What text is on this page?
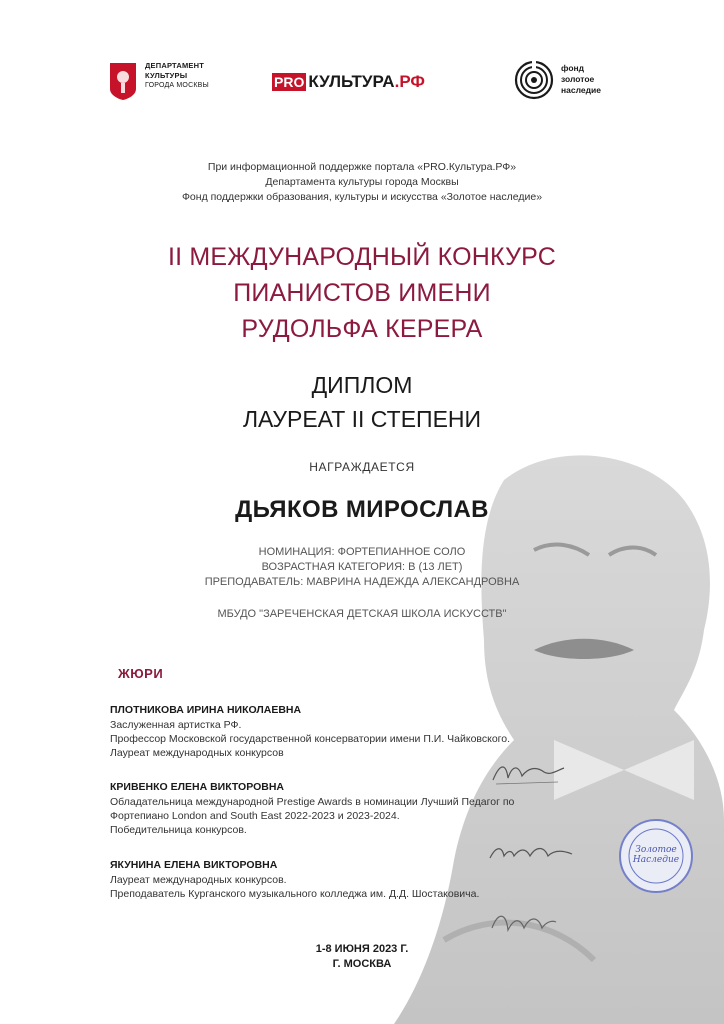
ДЕПАРТАМЕНТ
КУЛЬТУРЫ
ГОРОДА МОСКВЫ	PRO КУЛЬТУРА .РФ
фонд
золотое
наследие
При информационной поддержке портала «PRO.Культура.РФ»
Департамента культуры города Москвы
Фонд поддержки образования, культуры и искусства «Золотое наследие»
II МЕЖДУНАРОДНЫЙ КОНКУРС
ПИАНИСТОВ ИМЕНИ
РУДОЛЬФА КЕРЕРА
ДИПЛОМ
ЛАУРЕАТ II СТЕПЕНИ
НАГРАЖДАЕТСЯ
ДЬЯКОВ МИРОСЛАВ
НОМИНАЦИЯ: ФОРТЕПИАННОЕ СОЛО
ВОЗРАСТНАЯ КАТЕГОРИЯ: B (13 ЛЕТ)
ПРЕПОДАВАТЕЛЬ: МАВРИНА НАДЕЖДА АЛЕКСАНДРОВНА
МБУДО "ЗАРЕЧЕНСКАЯ ДЕТСКАЯ ШКОЛА ИСКУССТВ"
ЖЮРИ
ПЛОТНИКОВА ИРИНА НИКОЛАЕВНА
Заслуженная артистка РФ.
Профессор Московской государственной консерватории имени П.И. Чайковского.
Лауреат международных конкурсов
КРИВЕНКО ЕЛЕНА ВИКТОРОВНА
Обладательница международной Prestige Awards в номинации Лучший Педагог по
Фортепиано London and South East 2022-2023 и 2023-2024.
Победительница конкурсов.
ЯКУНИНА ЕЛЕНА ВИКТОРОВНА
Лауреат международных конкурсов.
Преподаватель Курганского музыкального колледжа им. Д.Д. Шостаковича.
Золотое
Наследие
1-8 ИЮНЯ 2023 Г.
Г. МОСКВА
